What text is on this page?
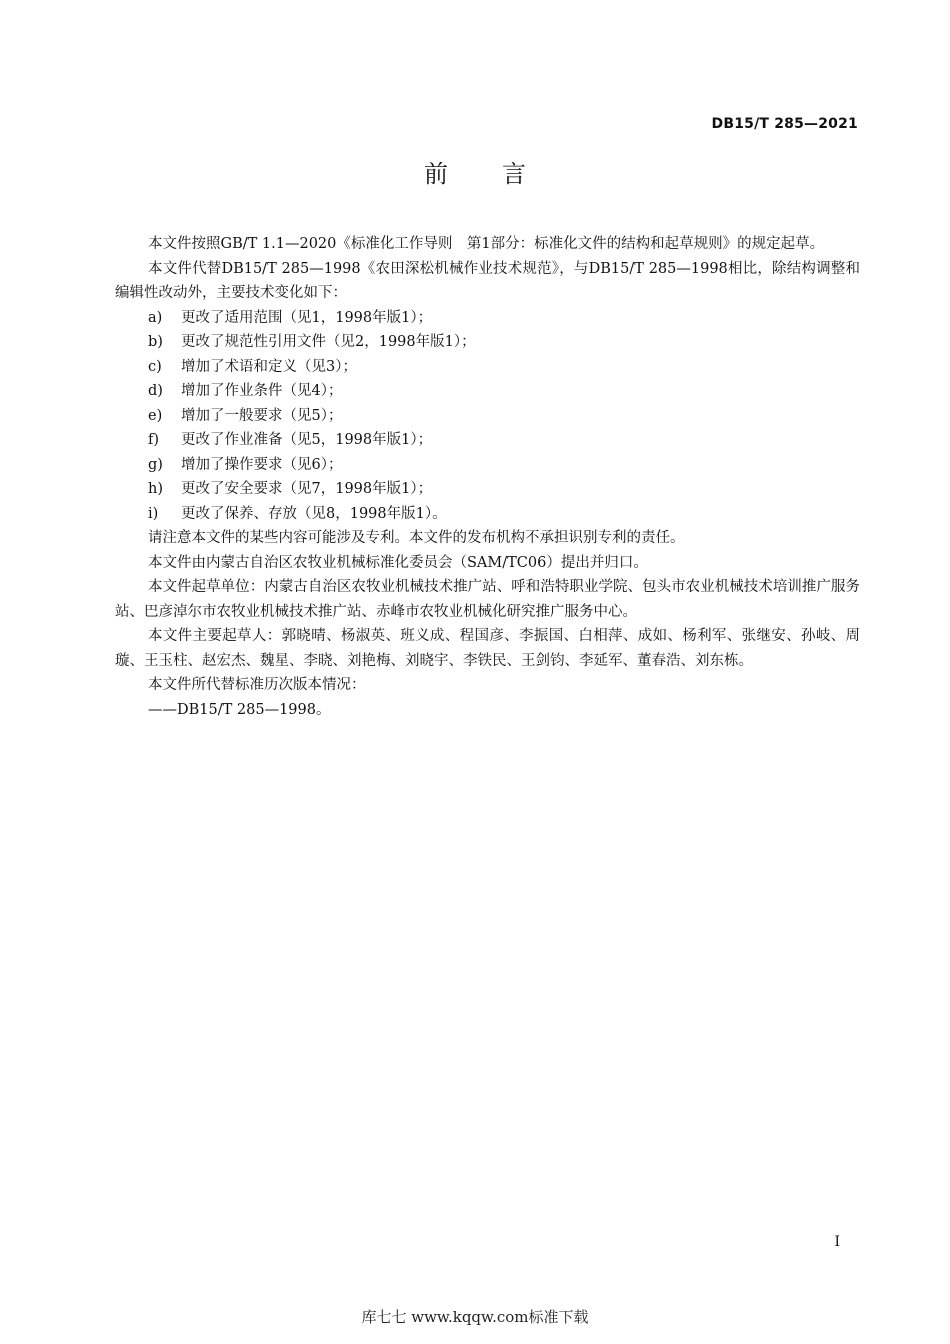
DB15/T 285—2021
前言

本文件按照GB/T 1.1—2020《标准化工作导则　第1部分：标准化文件的结构和起草规则》的规定起草。

本文件代替DB15/T 285—1998《农田深松机械作业技术规范》，与DB15/T 285—1998相比，除结构调整和编辑性改动外，主要技术变化如下：

a) 更改了适用范围（见1，1998年版1）；
b) 更改了规范性引用文件（见2，1998年版1）；
c) 增加了术语和定义（见3）；
d) 增加了作业条件（见4）；
e) 增加了一般要求（见5）；
f) 更改了作业准备（见5，1998年版1）；
g) 增加了操作要求（见6）；
h) 更改了安全要求（见7，1998年版1）；
i) 更改了保养、存放（见8，1998年版1）。

请注意本文件的某些内容可能涉及专利。本文件的发布机构不承担识别专利的责任。

本文件由内蒙古自治区农牧业机械标准化委员会（SAM/TC06）提出并归口。

本文件起草单位：内蒙古自治区农牧业机械技术推广站、呼和浩特职业学院、包头市农业机械技术培训推广服务站、巴彦淖尔市农牧业机械技术推广站、赤峰市农牧业机械化研究推广服务中心。

本文件主要起草人：郭晓晴、杨淑英、班义成、程国彦、李振国、白相萍、成如、杨利军、张继安、孙岐、周璇、王玉柱、赵宏杰、魏星、李晓、刘艳梅、刘晓宇、李铁民、王剑钧、李延军、董春浩、刘东栋。

本文件所代替标准历次版本情况：

——DB15/T 285—1998。

I
库七七 www.kqqw.com标准下载
